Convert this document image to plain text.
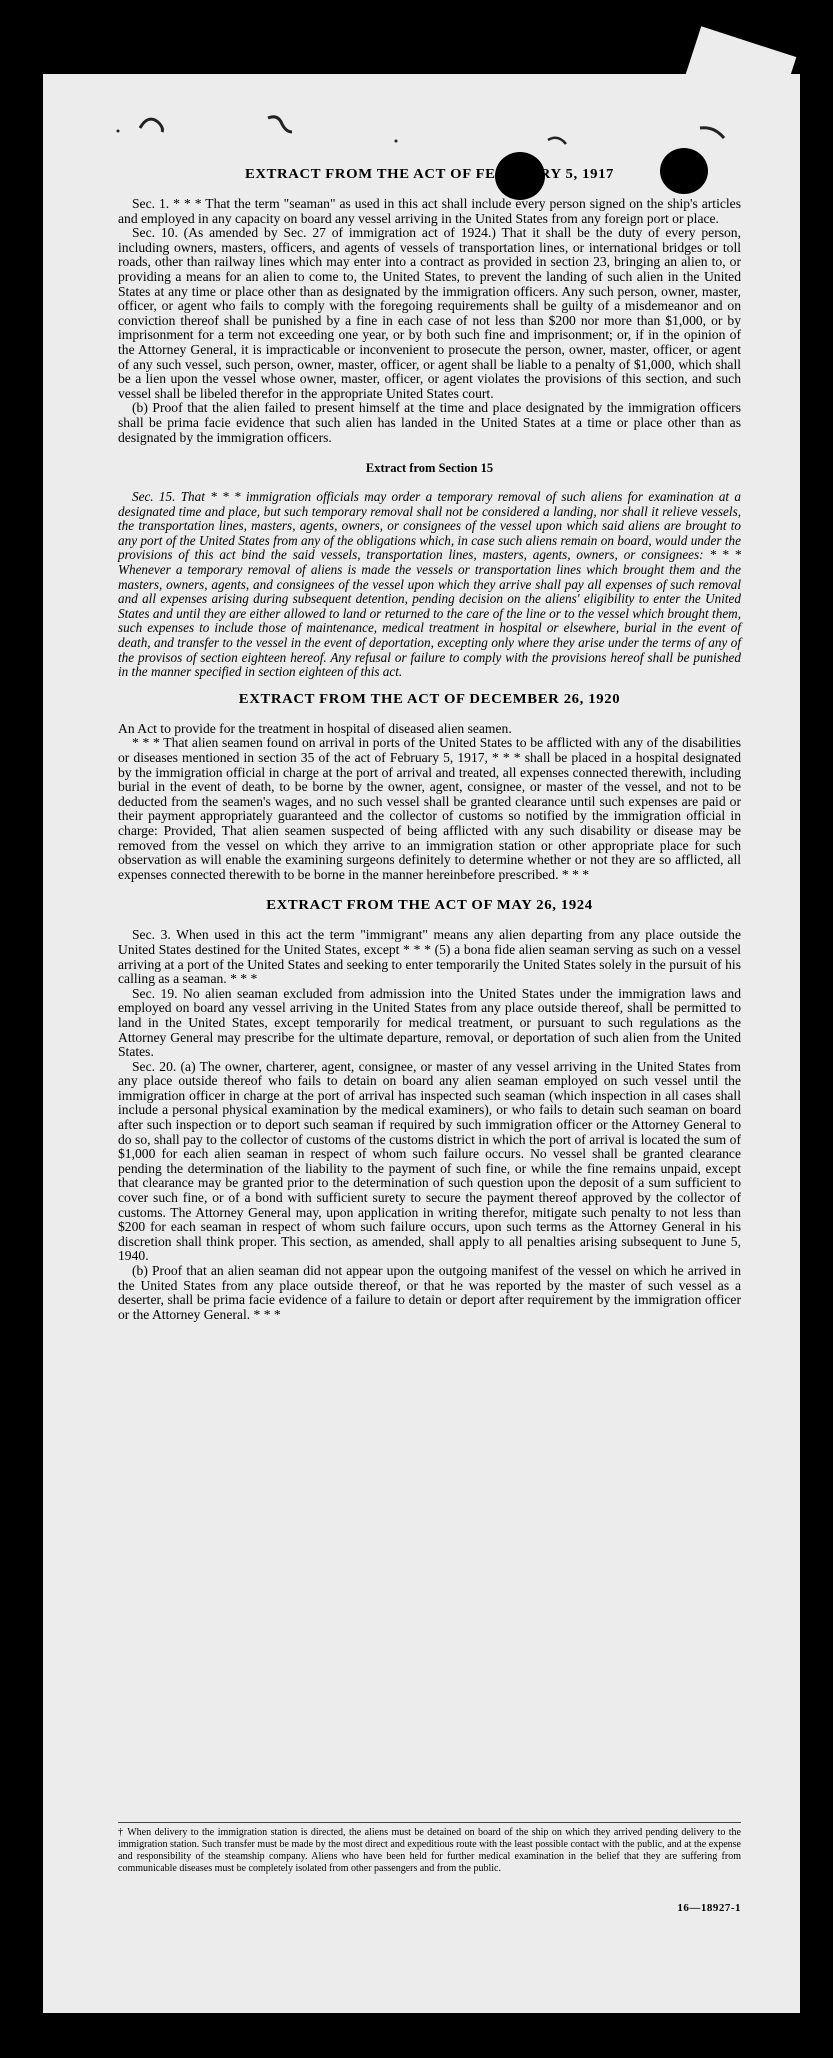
EXTRACT FROM THE ACT OF FEBRUARY 5, 1917

Sec. 1. * * * That the term "seaman" as used in this act shall include every person signed on the ship's articles and employed in any capacity on board any vessel arriving in the United States from any foreign port or place.

Sec. 10. (As amended by Sec. 27 of immigration act of 1924.) That it shall be the duty of every person, including owners, masters, officers, and agents of vessels of transportation lines, or international bridges or toll roads, other than railway lines which may enter into a contract as provided in section 23, bringing an alien to, or providing a means for an alien to come to, the United States, to prevent the landing of such alien in the United States at any time or place other than as designated by the immigration officers. Any such person, owner, master, officer, or agent who fails to comply with the foregoing requirements shall be guilty of a misdemeanor and on conviction thereof shall be punished by a fine in each case of not less than $200 nor more than $1,000, or by imprisonment for a term not exceeding one year, or by both such fine and imprisonment; or, if in the opinion of the Attorney General, it is impracticable or inconvenient to prosecute the person, owner, master, officer, or agent of any such vessel, such person, owner, master, officer, or agent shall be liable to a penalty of $1,000, which shall be a lien upon the vessel whose owner, master, officer, or agent violates the provisions of this section, and such vessel shall be libeled therefor in the appropriate United States court.

(b) Proof that the alien failed to present himself at the time and place designated by the immigration officers shall be prima facie evidence that such alien has landed in the United States at a time or place other than as designated by the immigration officers.

Extract from Section 15

Sec. 15. That * * * immigration officials may order a temporary removal of such aliens for examination at a designated time and place, but such temporary removal shall not be considered a landing, nor shall it relieve vessels, the transportation lines, masters, agents, owners, or consignees of the vessel upon which said aliens are brought to any port of the United States from any of the obligations which, in case such aliens remain on board, would under the provisions of this act bind the said vessels, transportation lines, masters, agents, owners, or consignees: * * * Whenever a temporary removal of aliens is made the vessels or transportation lines which brought them and the masters, owners, agents, and consignees of the vessel upon which they arrive shall pay all expenses of such removal and all expenses arising during subsequent detention, pending decision on the aliens' eligibility to enter the United States and until they are either allowed to land or returned to the care of the line or to the vessel which brought them, such expenses to include those of maintenance, medical treatment in hospital or elsewhere, burial in the event of death, and transfer to the vessel in the event of deportation, excepting only where they arise under the terms of any of the provisos of section eighteen hereof. Any refusal or failure to comply with the provisions hereof shall be punished in the manner specified in section eighteen of this act.

EXTRACT FROM THE ACT OF DECEMBER 26, 1920

An Act to provide for the treatment in hospital of diseased alien seamen.

* * * That alien seamen found on arrival in ports of the United States to be afflicted with any of the disabilities or diseases mentioned in section 35 of the act of February 5, 1917, * * * shall be placed in a hospital designated by the immigration official in charge at the port of arrival and treated, all expenses connected therewith, including burial in the event of death, to be borne by the owner, agent, consignee, or master of the vessel, and not to be deducted from the seamen's wages, and no such vessel shall be granted clearance until such expenses are paid or their payment appropriately guaranteed and the collector of customs so notified by the immigration official in charge: Provided, That alien seamen suspected of being afflicted with any such disability or disease may be removed from the vessel on which they arrive to an immigration station or other appropriate place for such observation as will enable the examining surgeons definitely to determine whether or not they are so afflicted, all expenses connected therewith to be borne in the manner hereinbefore prescribed. * * *

EXTRACT FROM THE ACT OF MAY 26, 1924

Sec. 3. When used in this act the term "immigrant" means any alien departing from any place outside the United States destined for the United States, except * * * (5) a bona fide alien seaman serving as such on a vessel arriving at a port of the United States and seeking to enter temporarily the United States solely in the pursuit of his calling as a seaman. * * *

Sec. 19. No alien seaman excluded from admission into the United States under the immigration laws and employed on board any vessel arriving in the United States from any place outside thereof, shall be permitted to land in the United States, except temporarily for medical treatment, or pursuant to such regulations as the Attorney General may prescribe for the ultimate departure, removal, or deportation of such alien from the United States.

Sec. 20. (a) The owner, charterer, agent, consignee, or master of any vessel arriving in the United States from any place outside thereof who fails to detain on board any alien seaman employed on such vessel until the immigration officer in charge at the port of arrival has inspected such seaman (which inspection in all cases shall include a personal physical examination by the medical examiners), or who fails to detain such seaman on board after such inspection or to deport such seaman if required by such immigration officer or the Attorney General to do so, shall pay to the collector of customs of the customs district in which the port of arrival is located the sum of $1,000 for each alien seaman in respect of whom such failure occurs. No vessel shall be granted clearance pending the determination of the liability to the payment of such fine, or while the fine remains unpaid, except that clearance may be granted prior to the determination of such question upon the deposit of a sum sufficient to cover such fine, or of a bond with sufficient surety to secure the payment thereof approved by the collector of customs. The Attorney General may, upon application in writing therefor, mitigate such penalty to not less than $200 for each seaman in respect of whom such failure occurs, upon such terms as the Attorney General in his discretion shall think proper. This section, as amended, shall apply to all penalties arising subsequent to June 5, 1940.

(b) Proof that an alien seaman did not appear upon the outgoing manifest of the vessel on which he arrived in the United States from any place outside thereof, or that he was reported by the master of such vessel as a deserter, shall be prima facie evidence of a failure to detain or deport after requirement by the immigration officer or the Attorney General. * * *

† When delivery to the immigration station is directed, the aliens must be detained on board of the ship on which they arrived pending delivery to the immigration station. Such transfer must be made by the most direct and expeditious route with the least possible contact with the public, and at the expense and responsibility of the steamship company. Aliens who have been held for further medical examination in the belief that they are suffering from communicable diseases must be completely isolated from other passengers and from the public.
16—18927-1
